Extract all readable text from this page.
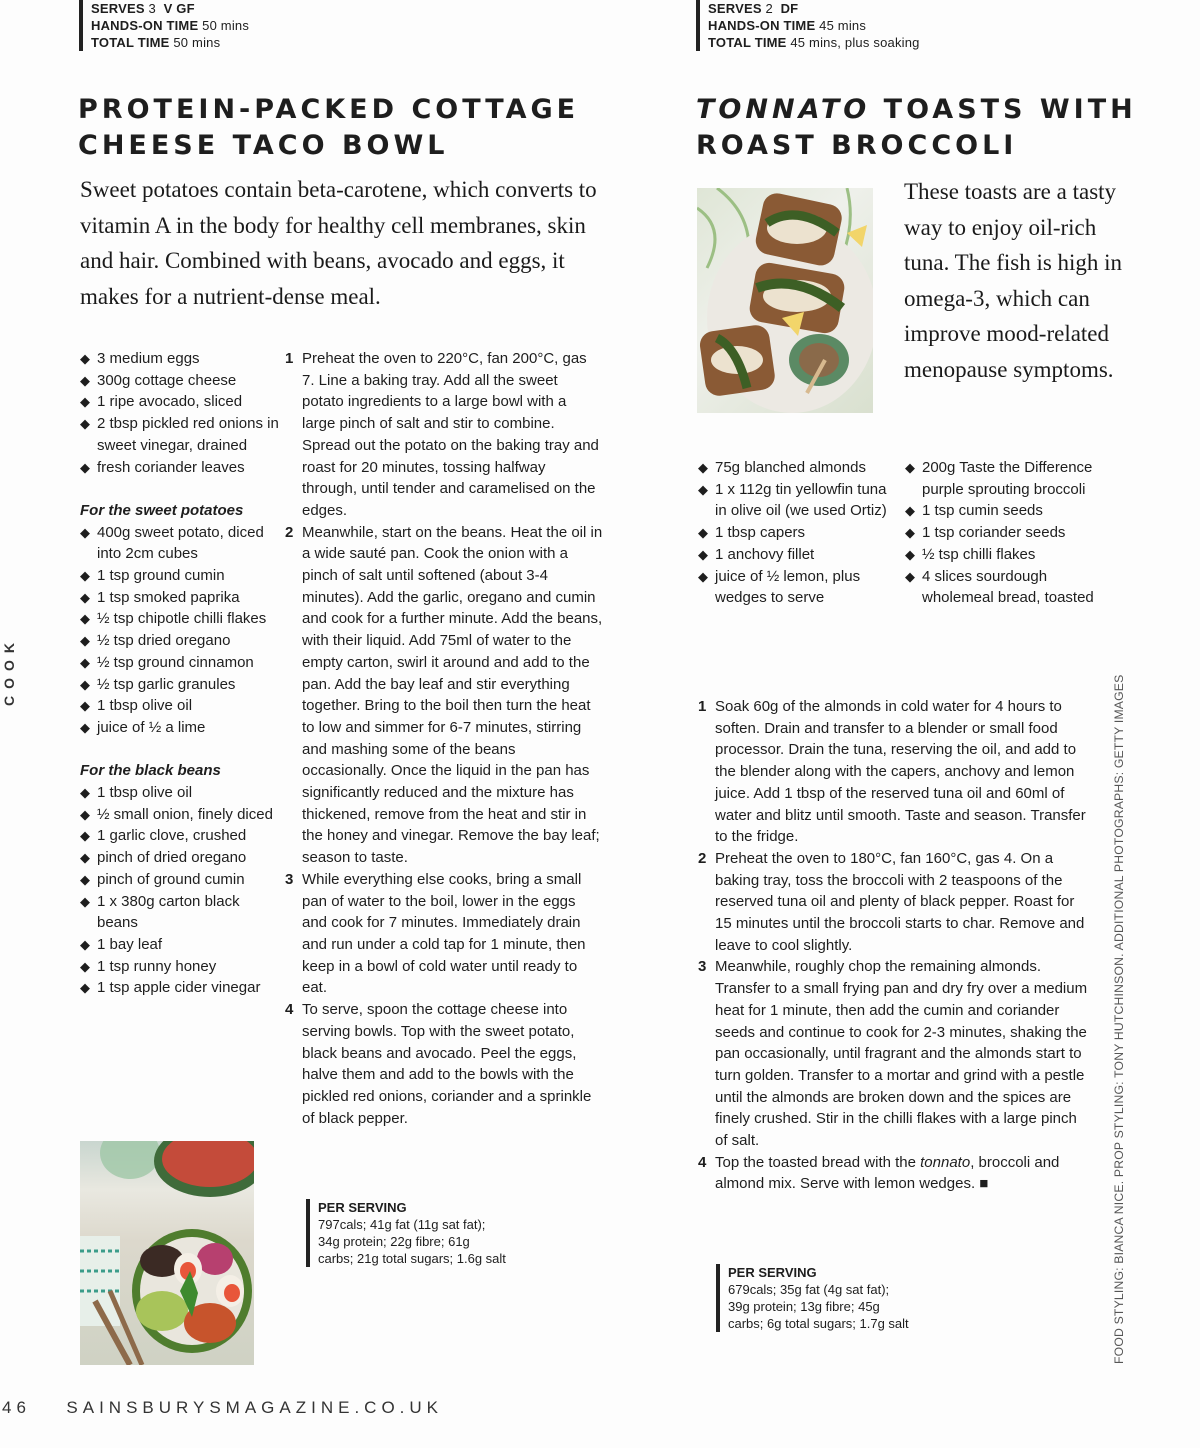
SERVES 3 V GF
HANDS-ON TIME 50 mins
TOTAL TIME 50 mins
PROTEIN-PACKED COTTAGE
CHEESE TACO BOWL

Sweet potatoes contain beta-carotene, which converts to vitamin A in the body for healthy cell membranes, skin and hair. Combined with beans, avocado and eggs, it makes for a nutrient-dense meal.

◆ 3 medium eggs
◆ 300g cottage cheese
◆ 1 ripe avocado, sliced
◆ 2 tbsp pickled red onions in sweet vinegar, drained
◆ fresh coriander leaves
For the sweet potatoes
◆ 400g sweet potato, diced into 2cm cubes
◆ 1 tsp ground cumin
◆ 1 tsp smoked paprika
◆ ½ tsp chipotle chilli flakes
◆ ½ tsp dried oregano
◆ ½ tsp ground cinnamon
◆ ½ tsp garlic granules
◆ 1 tbsp olive oil
◆ juice of ½ a lime
For the black beans
◆ 1 tbsp olive oil
◆ ½ small onion, finely diced
◆ 1 garlic clove, crushed
◆ pinch of dried oregano
◆ pinch of ground cumin
◆ 1 x 380g carton black beans
◆ 1 bay leaf
◆ 1 tsp runny honey
◆ 1 tsp apple cider vinegar
1 Preheat the oven to 220°C, fan 200°C, gas 7. Line a baking tray. Add all the sweet potato ingredients to a large bowl with a large pinch of salt and stir to combine. Spread out the potato on the baking tray and roast for 20 minutes, tossing halfway through, until tender and caramelised on the edges.
2 Meanwhile, start on the beans. Heat the oil in a wide sauté pan. Cook the onion with a pinch of salt until softened (about 3-4 minutes). Add the garlic, oregano and cumin and cook for a further minute. Add the beans, with their liquid. Add 75ml of water to the empty carton, swirl it around and add to the pan. Add the bay leaf and stir everything together. Bring to the boil then turn the heat to low and simmer for 6-7 minutes, stirring and mashing some of the beans occasionally. Once the liquid in the pan has significantly reduced and the mixture has thickened, remove from the heat and stir in the honey and vinegar. Remove the bay leaf; season to taste.
3 While everything else cooks, bring a small pan of water to the boil, lower in the eggs and cook for 7 minutes. Immediately drain and run under a cold tap for 1 minute, then keep in a bowl of cold water until ready to eat.
4 To serve, spoon the cottage cheese into serving bowls. Top with the sweet potato, black beans and avocado. Peel the eggs, halve them and add to the bowls with the pickled red onions, coriander and a sprinkle of black pepper.
PER SERVING
797cals; 41g fat (11g sat fat);
34g protein; 22g fibre; 61g
carbs; 21g total sugars; 1.6g salt
SERVES 2 DF
HANDS-ON TIME 45 mins
TOTAL TIME 45 mins, plus soaking
TONNATO TOASTS WITH
ROAST BROCCOLI

These toasts are a tasty way to enjoy oil-rich tuna. The fish is high in omega-3, which can improve mood-related menopause symptoms.

◆ 75g blanched almonds
◆ 1 x 112g tin yellowfin tuna in olive oil (we used Ortiz)
◆ 1 tbsp capers
◆ 1 anchovy fillet
◆ juice of ½ lemon, plus wedges to serve
◆ 200g Taste the Difference purple sprouting broccoli
◆ 1 tsp cumin seeds
◆ 1 tsp coriander seeds
◆ ½ tsp chilli flakes
◆ 4 slices sourdough wholemeal bread, toasted
1 Soak 60g of the almonds in cold water for 4 hours to soften. Drain and transfer to a blender or small food processor. Drain the tuna, reserving the oil, and add to the blender along with the capers, anchovy and lemon juice. Add 1 tbsp of the reserved tuna oil and 60ml of water and blitz until smooth. Taste and season. Transfer to the fridge.
2 Preheat the oven to 180°C, fan 160°C, gas 4. On a baking tray, toss the broccoli with 2 teaspoons of the reserved tuna oil and plenty of black pepper. Roast for 15 minutes until the broccoli starts to char. Remove and leave to cool slightly.
3 Meanwhile, roughly chop the remaining almonds. Transfer to a small frying pan and dry fry over a medium heat for 1 minute, then add the cumin and coriander seeds and continue to cook for 2-3 minutes, shaking the pan occasionally, until fragrant and the almonds start to turn golden. Transfer to a mortar and grind with a pestle until the almonds are broken down and the spices are finely crushed. Stir in the chilli flakes with a large pinch of salt.
4 Top the toasted bread with the tonnato, broccoli and almond mix. Serve with lemon wedges. ■
PER SERVING
679cals; 35g fat (4g sat fat);
39g protein; 13g fibre; 45g
carbs; 6g total sugars; 1.7g salt
COOK
FOOD STYLING: BIANCA NICE. PROP STYLING: TONY HUTCHINSON. ADDITIONAL PHOTOGRAPHS: GETTY IMAGES
46 SAINSBURYSMAGAZINE.CO.UK
